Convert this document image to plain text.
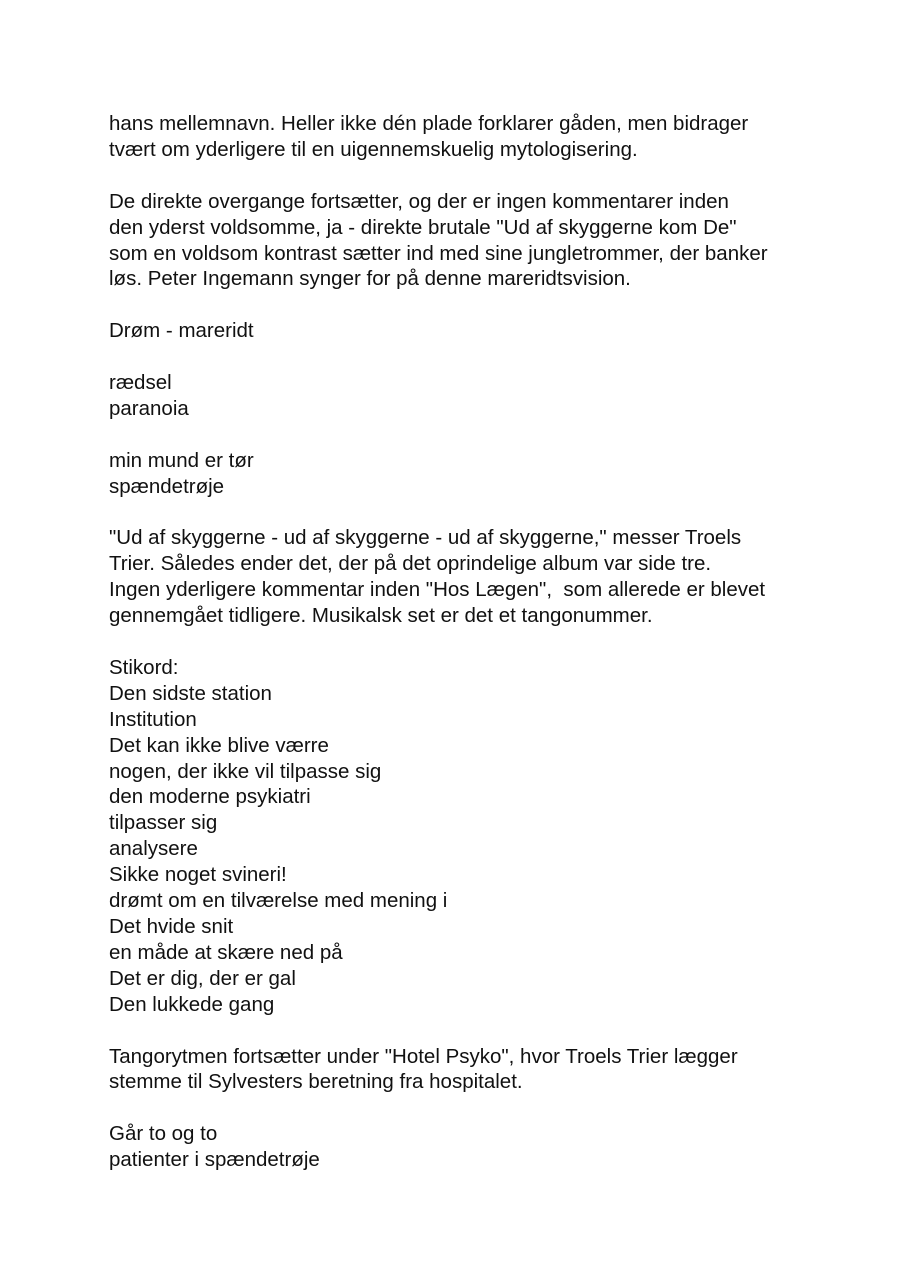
hans mellemnavn. Heller ikke dén plade forklarer gåden, men bidrager
tvært om yderligere til en uigennemskuelig mytologisering.
De direkte overgange fortsætter, og der er ingen kommentarer inden
den yderst voldsomme, ja - direkte brutale "Ud af skyggerne kom De"
som en voldsom kontrast sætter ind med sine jungletrommer, der banker
løs. Peter Ingemann synger for på denne mareridtsvision.
Drøm - mareridt
rædsel
paranoia
min mund er tør
spændetrøje
"Ud af skyggerne - ud af skyggerne - ud af skyggerne," messer Troels
Trier. Således ender det, der på det oprindelige album var side tre.
Ingen yderligere kommentar inden "Hos Lægen",  som allerede er blevet
gennemgået tidligere. Musikalsk set er det et tangonummer.
Stikord:
Den sidste station
Institution
Det kan ikke blive værre
nogen, der ikke vil tilpasse sig
den moderne psykiatri
tilpasser sig
analysere
Sikke noget svineri!
drømt om en tilværelse med mening i
Det hvide snit
en måde at skære ned på
Det er dig, der er gal
Den lukkede gang
Tangorytmen fortsætter under "Hotel Psyko", hvor Troels Trier lægger
stemme til Sylvesters beretning fra hospitalet.
Går to og to
patienter i spændetrøje
